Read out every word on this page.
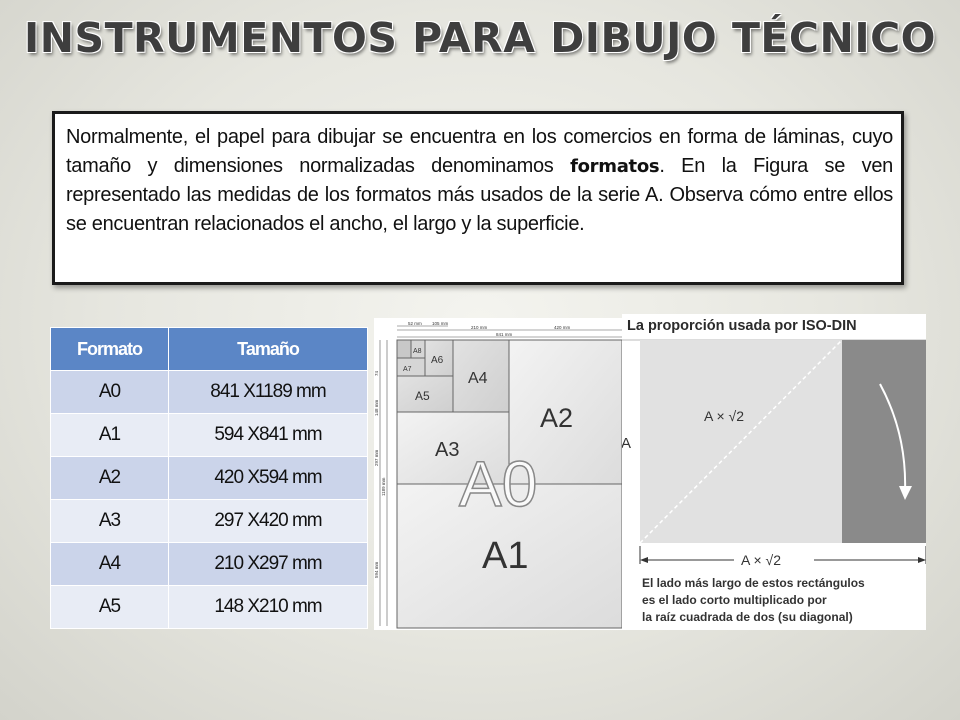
INSTRUMENTOS PARA DIBUJO TÉCNICO
Normalmente, el papel para dibujar se encuentra en los comercios en forma de láminas, cuyo tamaño y dimensiones normalizadas denominamos formatos. En la Figura se ven representado las medidas de los formatos más usados de la serie A. Observa cómo entre ellos se encuentran relacionados el ancho, el largo y la superficie.
Formato	Tamaño
A0	841 X1189 mm
A1	594 X841 mm
A2	420 X594 mm
A3	297 X420 mm
A4	210 X297 mm
A5	148 X210 mm
52 mm 105 mm
210 mm	420 mm
841 mm
74
148 mm
297 mm
1189 mm
594 mm
A8
A7
A6
A5
A4
A3
A2
A0
A1
La proporción usada por ISO-DIN
A × √2
A
A × √2
El lado más largo de estos rectángulos
es el lado corto multiplicado por
la raíz cuadrada de dos (su diagonal)
